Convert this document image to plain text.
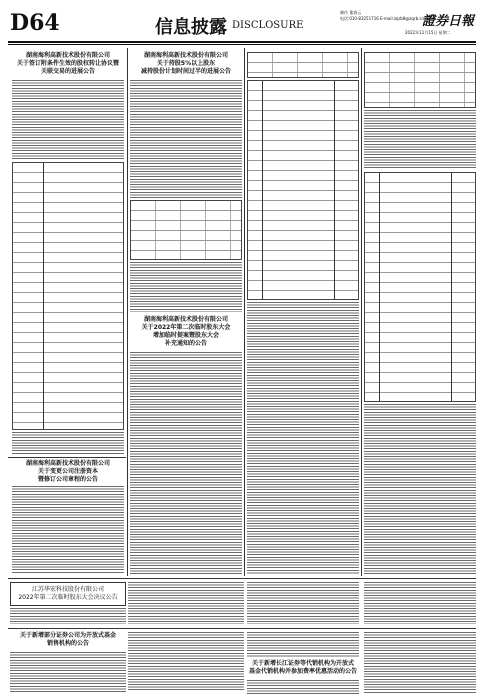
D64	信息披露 DISCLOSURE
制作 董春云
电话:010-83251716 E-mail:zqrb9@zqrb.sina.net
證券日報
2022年11月15日 星期二
湖南海利高新技术股份有限公司
关于签订附条件生效的股权转让协议暨
关联交易的进展公告
湖南海利高新技术股份有限公司
关于变更公司注册资本
暨修订公司章程的公告
湖南海利高新技术股份有限公司
关于持股5%以上股东
减持股份计划时间过半的进展公告
湖南海利高新技术股份有限公司
关于2022年第二次临时股东大会
增加临时提案暨股东大会
补充通知的公告
江苏华宏科技股份有限公司
2022年第二次临时股东大会决议公告
关于新增部分证券公司为开放式基金
销售机构的公告
关于新增长江证券等代销机构为开放式
基金代销机构并参加费率优惠活动的公告
